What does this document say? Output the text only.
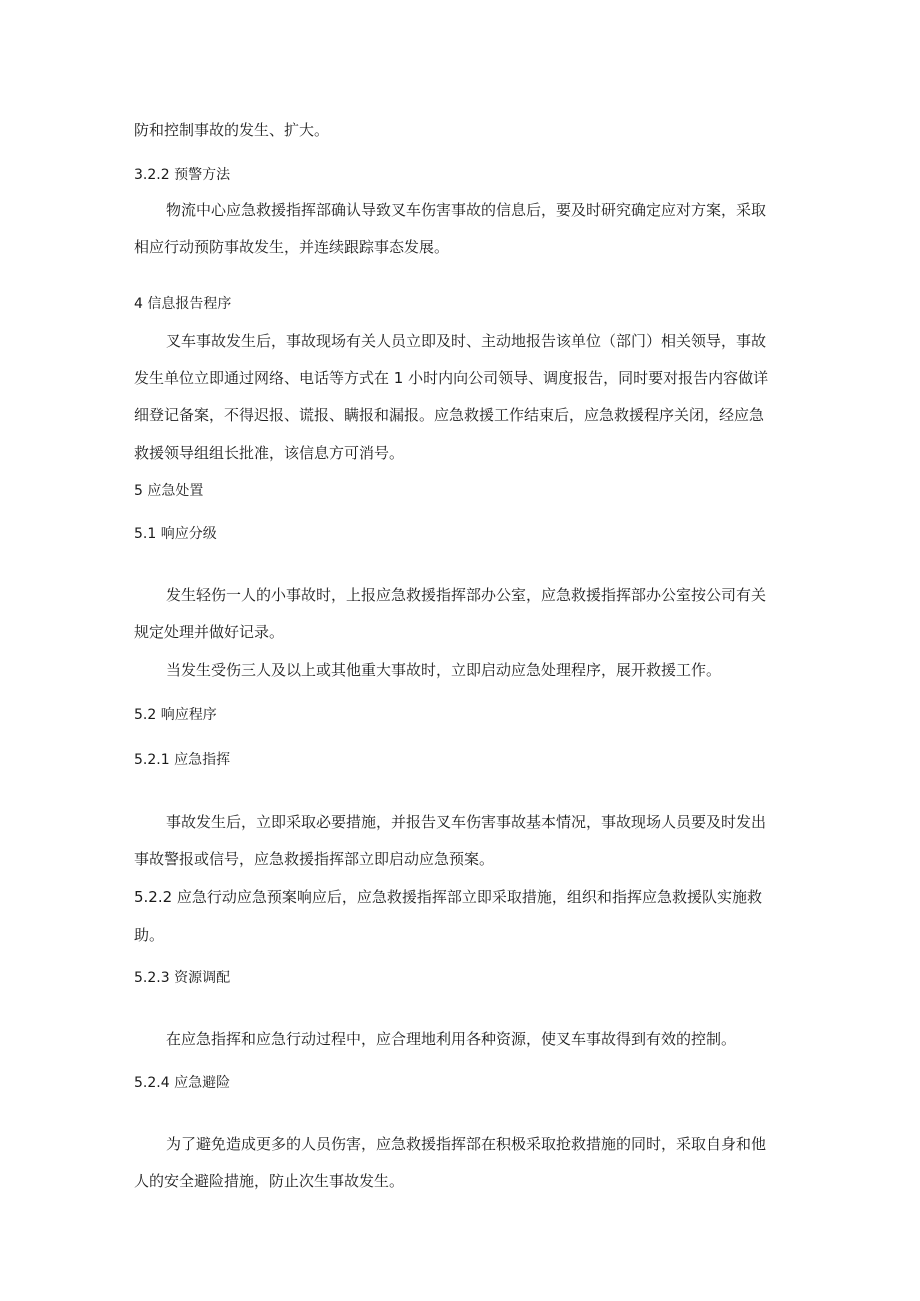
防和控制事故的发生、扩大。

3.2.2 预警方法

物流中心应急救援指挥部确认导致叉车伤害事故的信息后，要及时研究确定应对方案，采取

相应行动预防事故发生，并连续跟踪事态发展。

4 信息报告程序

叉车事故发生后，事故现场有关人员立即及时、主动地报告该单位（部门）相关领导，事故

发生单位立即通过网络、电话等方式在 1 小时内向公司领导、调度报告，同时要对报告内容做详

细登记备案，不得迟报、谎报、瞒报和漏报。应急救援工作结束后，应急救援程序关闭，经应急

救援领导组组长批准，该信息方可消号。

5 应急处置

5.1 响应分级

发生轻伤一人的小事故时，上报应急救援指挥部办公室，应急救援指挥部办公室按公司有关

规定处理并做好记录。

当发生受伤三人及以上或其他重大事故时，立即启动应急处理程序，展开救援工作。

5.2 响应程序

5.2.1 应急指挥

事故发生后，立即采取必要措施，并报告叉车伤害事故基本情况，事故现场人员要及时发出

事故警报或信号，应急救援指挥部立即启动应急预案。

5.2.2 应急行动应急预案响应后，应急救援指挥部立即采取措施，组织和指挥应急救援队实施救

助。

5.2.3 资源调配

在应急指挥和应急行动过程中，应合理地利用各种资源，使叉车事故得到有效的控制。

5.2.4 应急避险

为了避免造成更多的人员伤害，应急救援指挥部在积极采取抢救措施的同时，采取自身和他

人的安全避险措施，防止次生事故发生。
